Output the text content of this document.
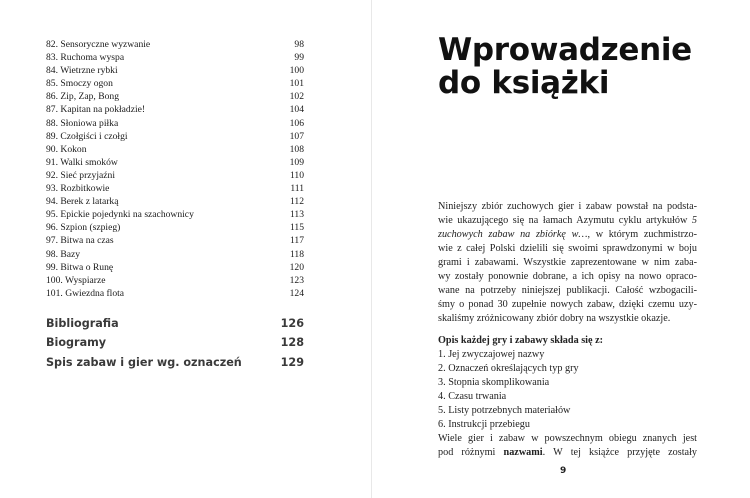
82. Sensoryczne wyzwanie	98
83. Ruchoma wyspa	99
84. Wietrzne rybki	100
85. Smoczy ogon	101
86. Zip, Zap, Bong	102
87. Kapitan na pokładzie!	104
88. Słoniowa piłka	106
89. Czołgiści i czołgi	107
90. Kokon	108
91. Walki smoków	109
92. Sieć przyjaźni	110
93. Rozbitkowie	111
94. Berek z latarką	112
95. Epickie pojedynki na szachownicy	113
96. Szpion (szpieg)	115
97. Bitwa na czas	117
98. Bazy	118
99. Bitwa o Runę	120
100. Wyspiarze	123
101. Gwiezdna flota	124
Bibliografia	126
Biogramy	128
Spis zabaw i gier wg. oznaczeń	129
Wprowadzenie
do książki
Niniejszy zbiór zuchowych gier i zabaw powstał na podsta-
wie ukazującego się na łamach Azymutu cyklu artykułów 5
zuchowych zabaw na zbiórkę w…, w którym zuchmistrzo-
wie z całej Polski dzielili się swoimi sprawdzonymi w boju
grami i zabawami. Wszystkie zaprezentowane w nim zaba-
wy zostały ponownie dobrane, a ich opisy na nowo opraco-
wane na potrzeby niniejszej publikacji. Całość wzbogacili-
śmy o ponad 30 zupełnie nowych zabaw, dzięki czemu uzy-
skaliśmy zróżnicowany zbiór dobry na wszystkie okazje.
Opis każdej gry i zabawy składa się z:
1. Jej zwyczajowej nazwy
2. Oznaczeń określających typ gry
3. Stopnia skomplikowania
4. Czasu trwania
5. Listy potrzebnych materiałów
6. Instrukcji przebiegu
Wiele gier i zabaw w powszechnym obiegu znanych jest
pod różnymi nazwami. W tej książce przyjęte zostały
9
